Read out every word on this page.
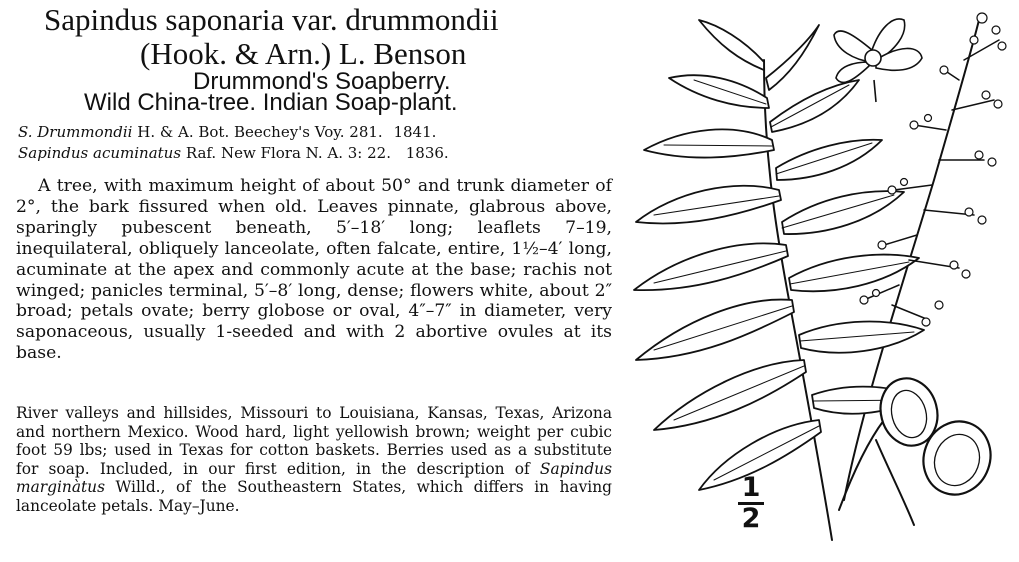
Sapindus saponaria var. drummondii
(Hook. & Arn.) L. Benson
Drummond's Soapberry.
Wild China-tree. Indian Soap-plant.
S. Drummondii H. & A. Bot. Beechey's Voy. 281. 1841.
Sapindus acuminatus Raf. New Flora N. A. 3: 22. 1836.
A tree, with maximum height of about 50° and trunk diameter of 2°, the bark fissured when old. Leaves pinnate, glabrous above, sparingly pubescent beneath, 5′–18′ long; leaflets 7–19, inequilateral, obliquely lanceolate, often falcate, entire, 1½–4′ long, acuminate at the apex and commonly acute at the base; rachis not winged; panicles terminal, 5′–8′ long, dense; flowers white, about 2″ broad; petals ovate; berry globose or oval, 4″–7″ in diameter, very saponaceous, usually 1-seeded and with 2 abortive ovules at its base.
River valleys and hillsides, Missouri to Louisiana, Kansas, Texas, Arizona and northern Mexico. Wood hard, light yellowish brown; weight per cubic foot 59 lbs; used in Texas for cotton baskets. Berries used as a substitute for soap. Included, in our first edition, in the description of Sapindus marginàtus Willd., of the Southeastern States, which differs in having lanceolate petals. May–June.
1
2
